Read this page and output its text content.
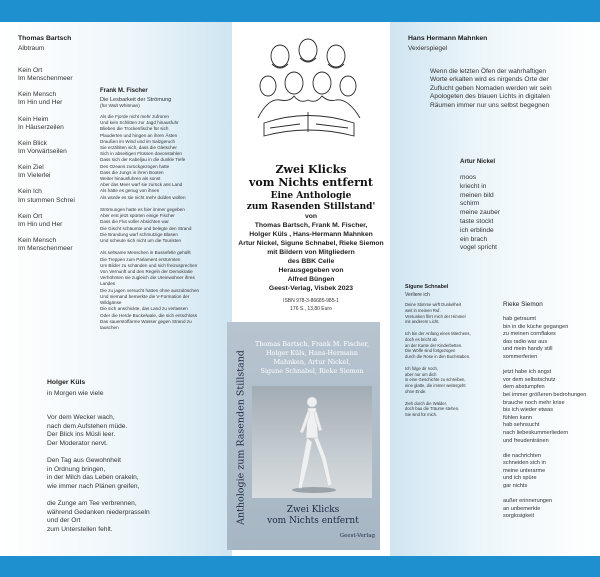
Thomas Bartsch
Albtraum
Kein Ort
Im Menschenmeer

Kein Mensch
Im Hin und Her

Kein Heim
In Häuserzeilen

Kein Blick
Im Vorwärtseilen

Kein Ziel
Im Vielerlei

Kein Ich
Im stummen Schrei

Kein Ort
Im Hin und Her

Kein Mensch
Im Menschenmeer
Frank M. Fischer
Die Lesbarkeit der Strömung
(für Walt Whitman)
Als die Fjorde nicht mehr zufroren
Und kein Schlitten zur Jagd hinausfuhr
Blieben die Trockenfische für sich
Plauderten und hingen an ihren Ästen
Draußen im Wind und im Salzgeruch
Sie erzählten sich, dass die Gletscher
Sich in abseitigen Flüssen davonstahlen
Dass sich der Kabeljau in die dunkle Tiefe
Des Ozeans zurückgezogen hatte
Dass die Jungs in ihren Booten
Weiter hinausfuhren als sonst
Aber das Meer warf sie zurück ans Land
Als hätte es genug von ihnen
Als würde es sie nicht mehr dulden wollen

Strömungen hatte es hier immer gegeben
Aber erst jetzt spürten einige Fischer
Dass die Flut voller Absichten war
Die Gischt schäumte und belegte den Strand
Die Brandung warf schmutzige Blasen
Und scheute sich nicht um die Touristen

Als seltsame Menschen in Bussefelle gehüllt
Die Treppen zum Parlament erstürmten
Um Bilder zu schänden und sich freizusprechen
Von Vernunft und den Regeln der Demokratie
Verhöhnten sie zugleich die Ureinwohner ihres
Landes
Die zu jagen versucht hatten ohne auszulöschen
Und niemand bemerkte die V-Formation der
Wildgänse
Die sich anschickte, das Land zu verlassen
Oder die Herde Buckelwale, die sich entschloss
Das sauerstoffarme Wasser gegen Strand zu
tauschen
Holger Küls
in Morgen wie viele
Vor dem Wecker wach,
nach dem Aufstehen müde.
Der Blick ins Müsli leer.
Der Moderator nervt.

Den Tag aus Gewohnheit
in Ordnung bringen,
in der Milch das Leben orakeln,
wie immer nach Plänen greifen,

die Zunge am Tee verbrennen,
während Gedanken niederprasseln
und der Ort
zum Unterstellen fehlt.
Zwei Klicks
vom Nichts entfernt
Eine Anthologie
zum Rasenden Stillstand'
von
Thomas Bartsch, Frank M. Fischer,
Holger Küls , Hans-Hermann Mahnken
Artur Nickel, Sigune Schnabel, Rieke Siemon
mit Bildern von Mitgliedern
des BBK Celle
Herausgegeben von
Alfred Büngen
Geest-Verlag, Visbek 2023
ISBN 978-3-86685-985-1
176 S., 13,80 Euro
Anthologie zum Rasenden Stillstand
Thomas Bartsch, Frank M. Fischer,
Holger Küls, Hans-Hermann
Mahnken, Artur Nickel,
Sigune Schnabel, Rieke Siemon
Zwei Klicks
vom Nichts entfernt
Geest-Verlag
Hans Hermann Mahnken
Vexierspiegel
Wenn die letzten Öfen der wahrhaftigen
Worte erkalten wird es nirgends Orte der
Zuflucht geben Nomaden werden wir sein
Apologeten des blauen Lichts in digitalen
Räumen immer nur uns selbst begegnen
Artur Nickel
moos
kriecht in
meinen bild
schirm
meine zauber
taste stockt
ich erblinde
ein brach
vogel spricht
Sigune Schnabel
Verliere ich
Deine Stimme wirft Dunkelheit
weit in meinen Ruf.
Versunken flirrt mich der Himmel
mit anderem Licht.

Ich bin der Anfang eines Märchens,
doch es bricht ab
an der Kante der Kinderbetten.
Die Wölfe sind fortgezogen
durch die Rose in den Buchstaben.

Ich folge dir noch,
aber nur um dich
in eine Geschichte zu schreiben,
eine glatte, die immer weitergeht
ohne Ende.

Zieh durch die Wälder,
doch bau die Träume stehen.
Sie sind für mich.
Rieke Siemon
hab getraumt
bin in die küche gegangen
zu meinen cornflakes
das radio war aus
und mein handy still
sommerferien

jetzt habe ich angst
vor dem selbstschutz
dem abstumpfen
bei immer größeren bedrohungen
brauche noch mehr krise
bis ich wieder etwas
fühlen kann
hab sehnsucht
nach liebeskummerliedern
und freudentränen

die nachrichten
schneiden sich in
meine unterarme
und ich spüre
gar nichts

außer erinnerungen
an unbemerkte
sorglosigkeit
